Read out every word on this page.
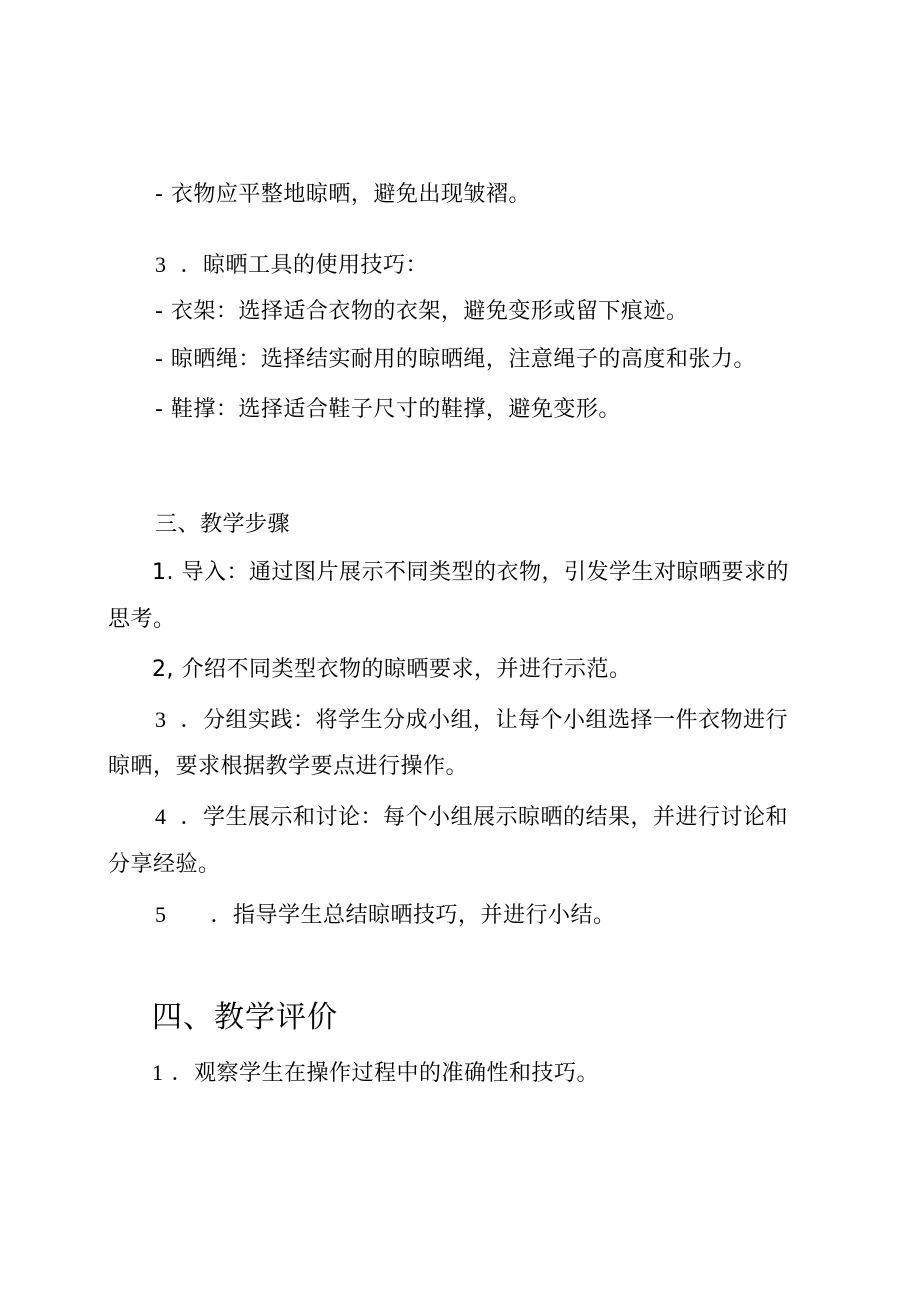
- 衣物应平整地晾晒，避免出现皱褶。
3 ．晾晒工具的使用技巧：
- 衣架：选择适合衣物的衣架，避免变形或留下痕迹。
- 晾晒绳：选择结实耐用的晾晒绳，注意绳子的高度和张力。
- 鞋撑：选择适合鞋子尺寸的鞋撑，避免变形。
三、教学步骤
1. 导入：通过图片展示不同类型的衣物，引发学生对晾晒要求的
思考。
2, 介绍不同类型衣物的晾晒要求，并进行示范。
3 ．分组实践：将学生分成小组，让每个小组选择一件衣物进行
晾晒，要求根据教学要点进行操作。
4 ．学生展示和讨论：每个小组展示晾晒的结果，并进行讨论和
分享经验。
5 ．指导学生总结晾晒技巧，并进行小结。
四、教学评价
1 ．观察学生在操作过程中的准确性和技巧。
